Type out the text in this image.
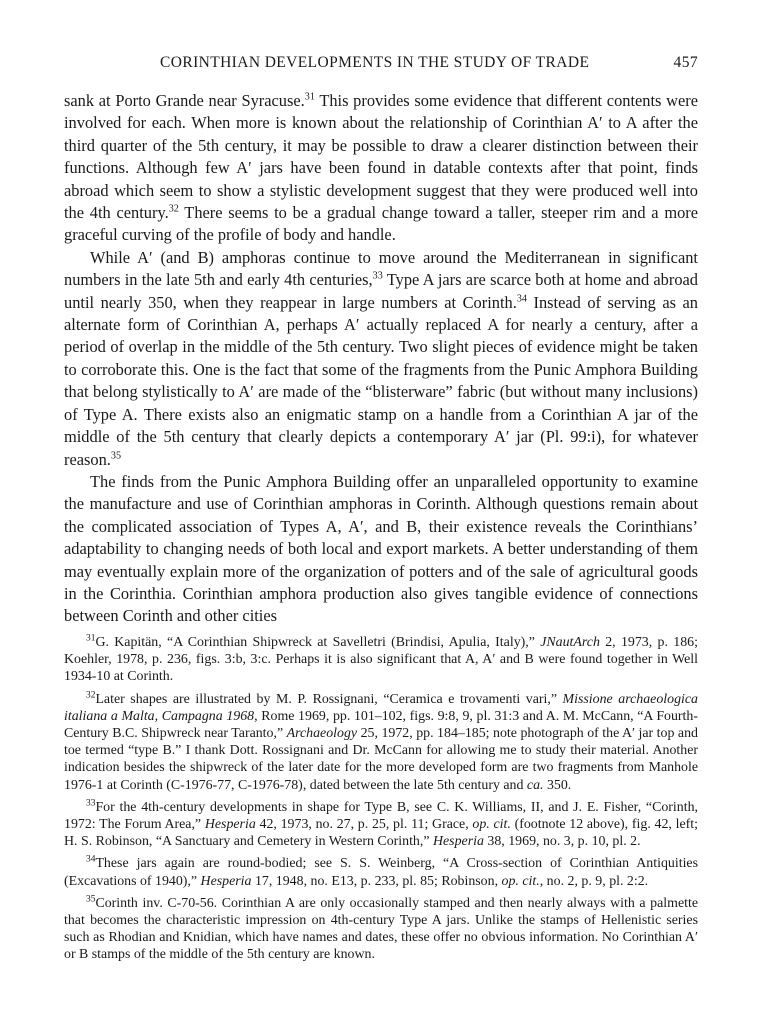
CORINTHIAN DEVELOPMENTS IN THE STUDY OF TRADE	457

sank at Porto Grande near Syracuse.$^{31}$ This provides some evidence that different contents were involved for each. When more is known about the relationship of Corinthian A′ to A after the third quarter of the 5th century, it may be possible to draw a clearer distinction between their functions. Although few A′ jars have been found in datable contexts after that point, finds abroad which seem to show a stylistic development suggest that they were produced well into the 4th century.$^{32}$ There seems to be a gradual change toward a taller, steeper rim and a more graceful curving of the profile of body and handle.

While A′ (and B) amphoras continue to move around the Mediterranean in significant numbers in the late 5th and early 4th centuries,$^{33}$ Type A jars are scarce both at home and abroad until nearly 350, when they reappear in large numbers at Corinth.$^{34}$ Instead of serving as an alternate form of Corinthian A, perhaps A′ actually replaced A for nearly a century, after a period of overlap in the middle of the 5th century. Two slight pieces of evidence might be taken to corroborate this. One is the fact that some of the fragments from the Punic Amphora Building that belong stylistically to A′ are made of the “blisterware” fabric (but without many inclusions) of Type A. There exists also an enigmatic stamp on a handle from a Corinthian A jar of the middle of the 5th century that clearly depicts a contemporary A′ jar (Pl. 99:i), for whatever reason.$^{35}$

The finds from the Punic Amphora Building offer an unparalleled opportunity to examine the manufacture and use of Corinthian amphoras in Corinth. Although questions remain about the complicated association of Types A, A′, and B, their existence reveals the Corinthians’ adaptability to changing needs of both local and export markets. A better understanding of them may eventually explain more of the organization of potters and of the sale of agricultural goods in the Corinthia. Corinthian amphora production also gives tangible evidence of connections between Corinth and other cities

$^{31}$G. Kapitän, “A Corinthian Shipwreck at Savelletri (Brindisi, Apulia, Italy),” JNautArch 2, 1973, p. 186; Koehler, 1978, p. 236, figs. 3:b, 3:c. Perhaps it is also significant that A, A′ and B were found together in Well 1934-10 at Corinth.

$^{32}$Later shapes are illustrated by M. P. Rossignani, “Ceramica e trovamenti vari,” Missione archaeologica italiana a Malta, Campagna 1968, Rome 1969, pp. 101–102, figs. 9:8, 9, pl. 31:3 and A. M. McCann, “A Fourth-Century B.C. Shipwreck near Taranto,” Archaeology 25, 1972, pp. 184–185; note photograph of the A′ jar top and toe termed “type B.” I thank Dott. Rossignani and Dr. McCann for allowing me to study their material. Another indication besides the shipwreck of the later date for the more developed form are two fragments from Manhole 1976-1 at Corinth (C-1976-77, C-1976-78), dated between the late 5th century and ca. 350.

$^{33}$For the 4th-century developments in shape for Type B, see C. K. Williams, II, and J. E. Fisher, “Corinth, 1972: The Forum Area,” Hesperia 42, 1973, no. 27, p. 25, pl. 11; Grace, op. cit. (footnote 12 above), fig. 42, left; H. S. Robinson, “A Sanctuary and Cemetery in Western Corinth,” Hesperia 38, 1969, no. 3, p. 10, pl. 2.

$^{34}$These jars again are round-bodied; see S. S. Weinberg, “A Cross-section of Corinthian Antiquities (Excavations of 1940),” Hesperia 17, 1948, no. E13, p. 233, pl. 85; Robinson, op. cit., no. 2, p. 9, pl. 2:2.

$^{35}$Corinth inv. C-70-56. Corinthian A are only occasionally stamped and then nearly always with a palmette that becomes the characteristic impression on 4th-century Type A jars. Unlike the stamps of Hellenistic series such as Rhodian and Knidian, which have names and dates, these offer no obvious information. No Corinthian A′ or B stamps of the middle of the 5th century are known.
